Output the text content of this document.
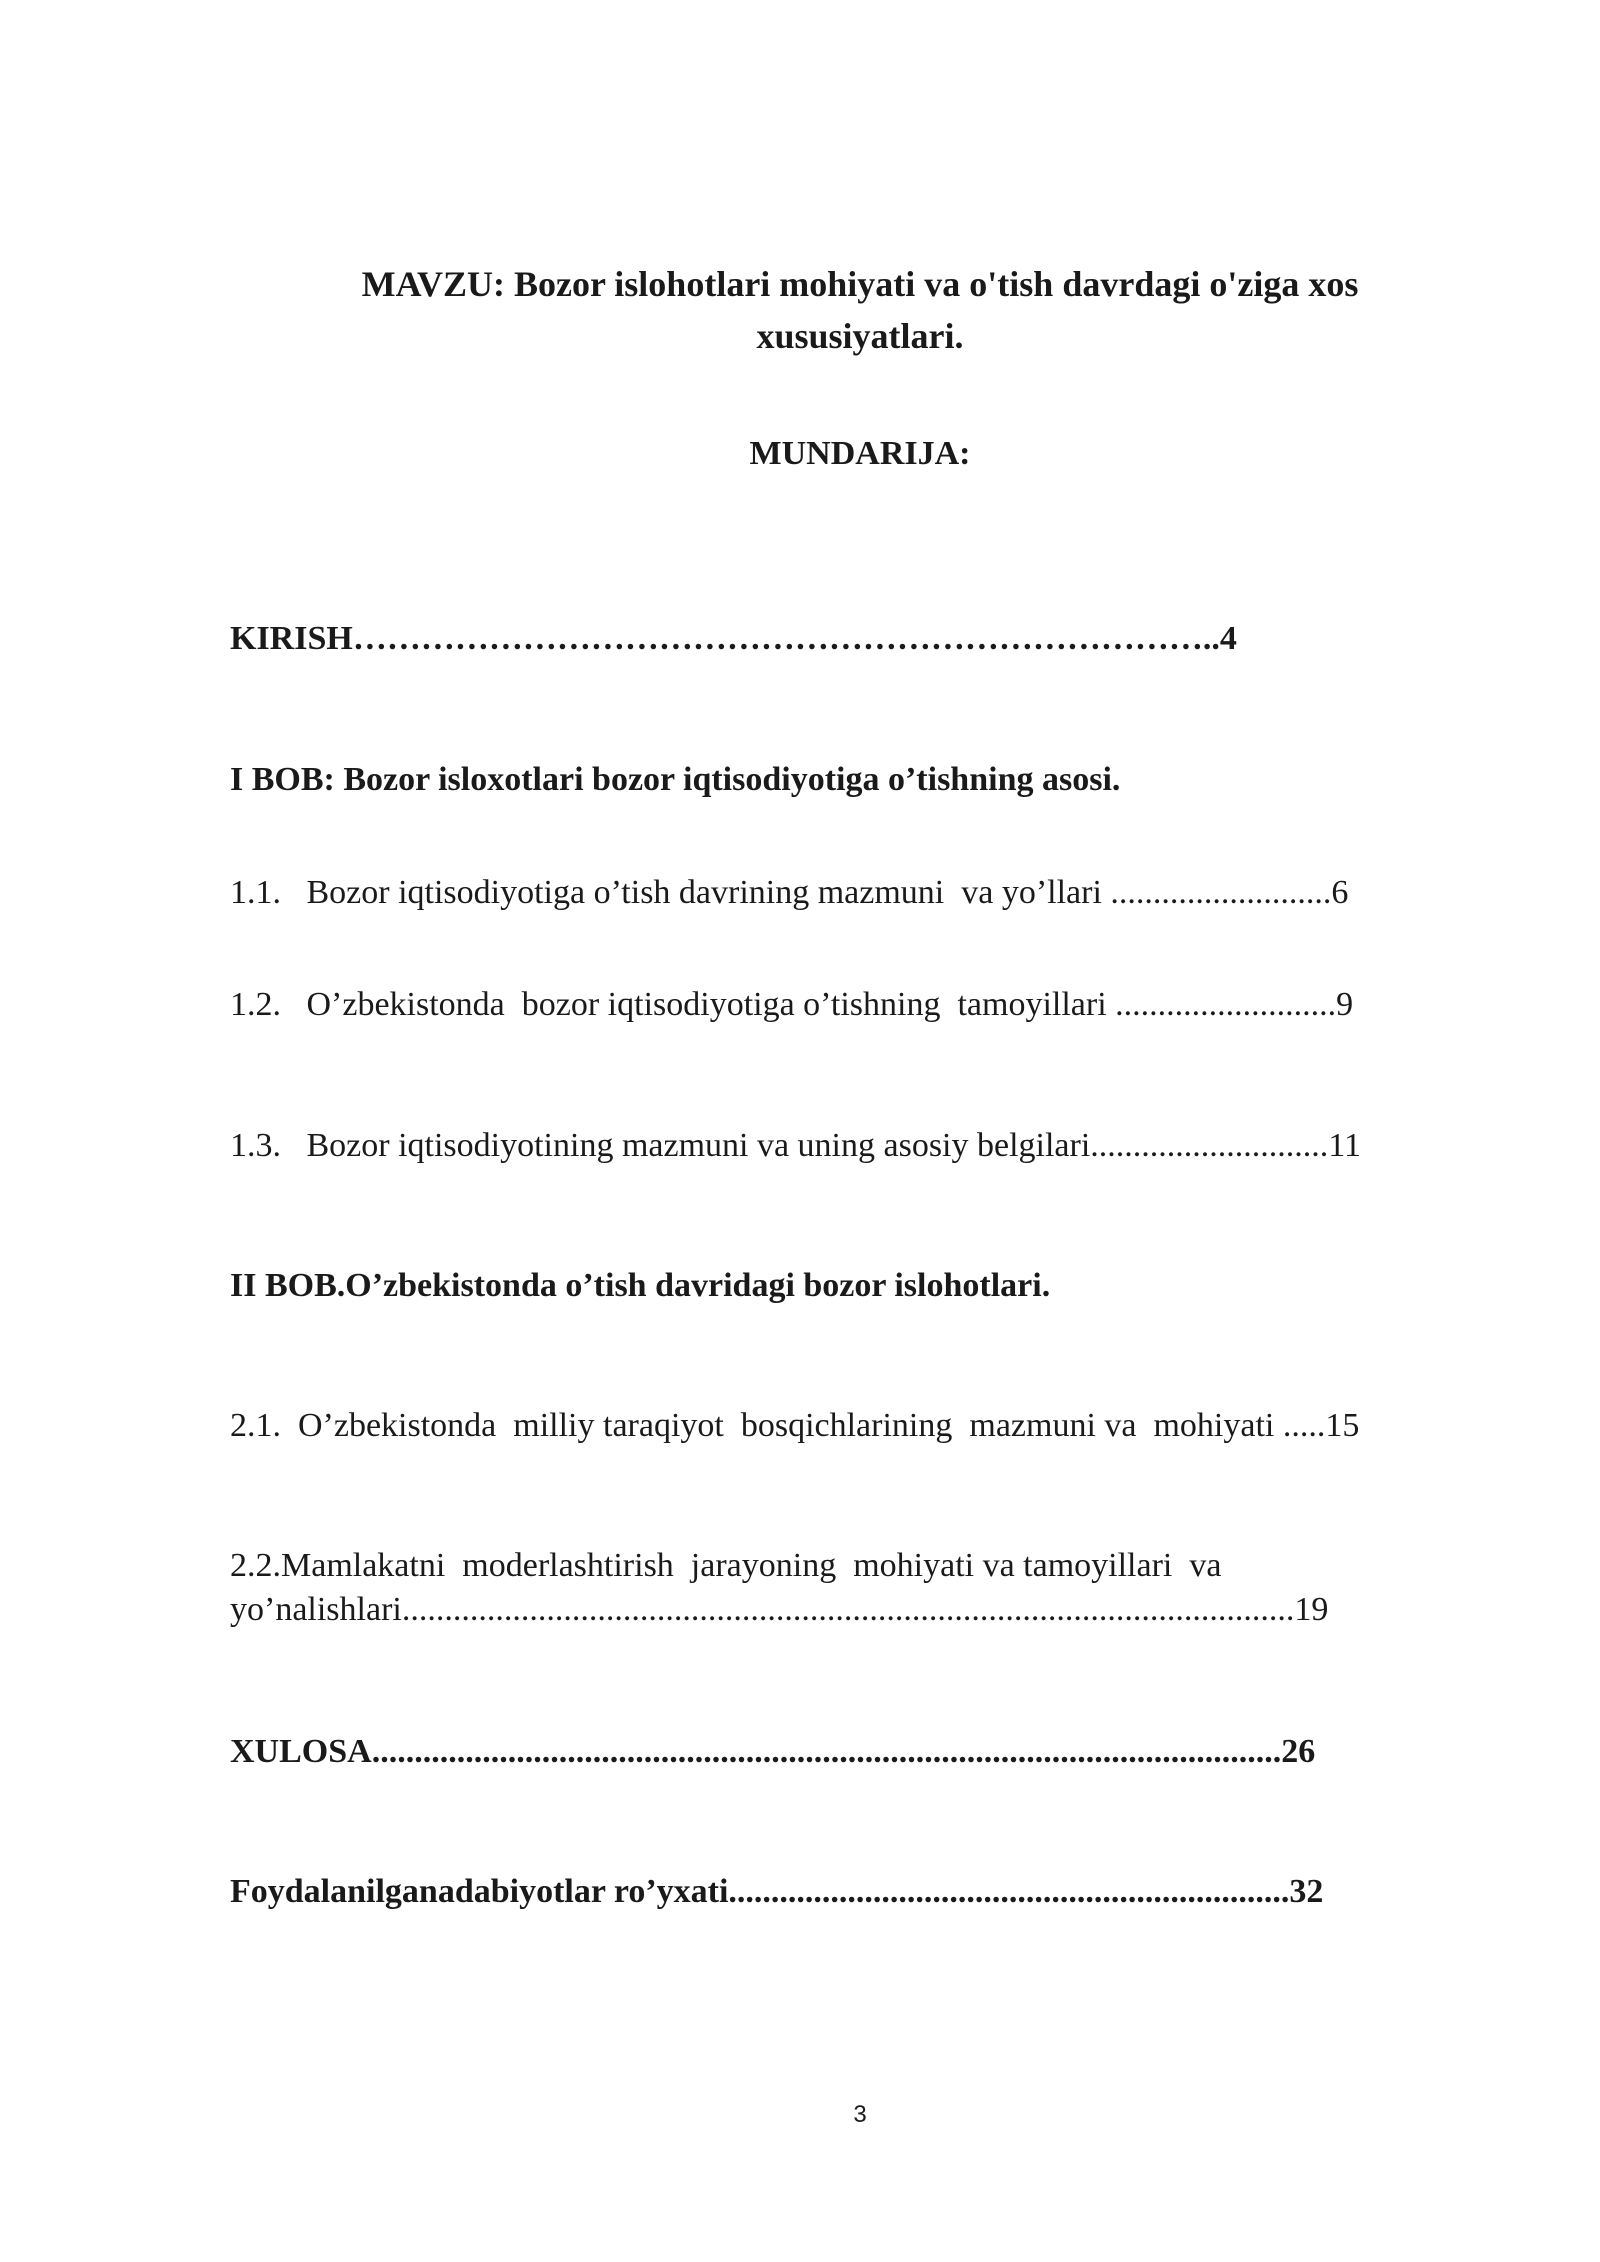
MAVZU: Bozor islohotlari mohiyati va o'tish davrdagi o'ziga xos xususiyatlari.
MUNDARIJA:
KIRISH…………………………………………………………………..4
I BOB: Bozor isloxotlari bozor iqtisodiyotiga o’tishning asosi.
1.1.   Bozor iqtisodiyotiga o’tish davrining mazmuni  va yo’llari ..........................6
1.2.   O’zbekistonda  bozor iqtisodiyotiga o’tishning  tamoyillari ..........................9
1.3.   Bozor iqtisodiyotining mazmuni va uning asosiy belgilari............................11
II BOB.O’zbekistonda o’tish davridagi bozor islohotlari.
2.1.  O’zbekistonda  milliy taraqiyot  bosqichlarining  mazmuni va  mohiyati .....15
2.2.Mamlakatni  moderlashtirish  jarayoning  mohiyati va tamoyillari  va
yo’nalishlari.........................................................................................................19
XULOSA...........................................................................................................26
Foydalanilganadabiyotlar ro’yxati..................................................................32
3
